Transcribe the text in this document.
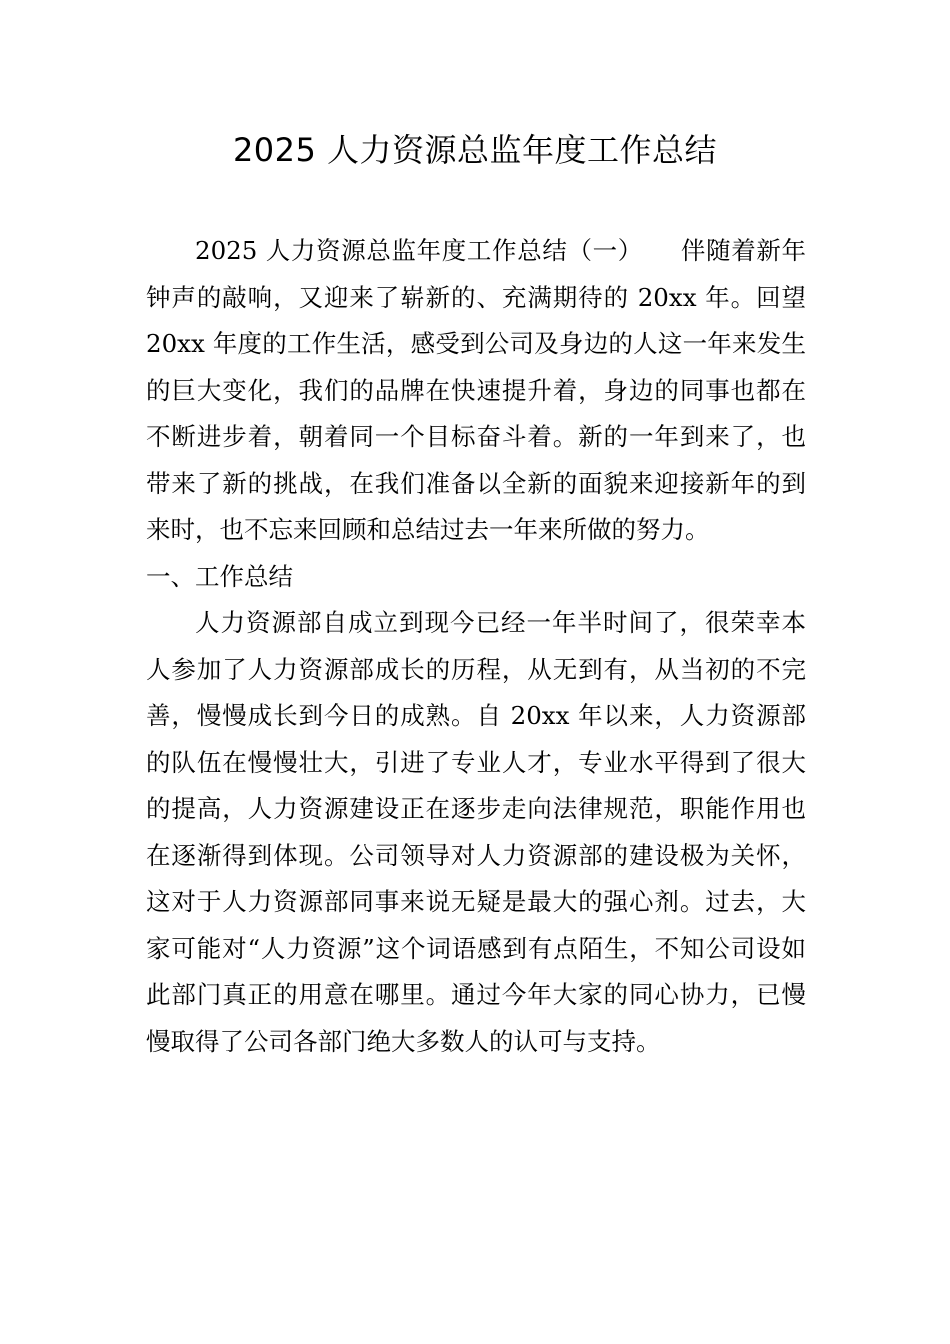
2025 人力资源总监年度工作总结

2025 人力资源总监年度工作总结（一）　　伴随着新年钟声的敲响，又迎来了崭新的、充满期待的 20xx 年。回望 20xx 年度的工作生活，感受到公司及身边的人这一年来发生的巨大变化，我们的品牌在快速提升着，身边的同事也都在不断进步着，朝着同一个目标奋斗着。新的一年到来了，也带来了新的挑战，在我们准备以全新的面貌来迎接新年的到来时，也不忘来回顾和总结过去一年来所做的努力。

一、工作总结

人力资源部自成立到现今已经一年半时间了，很荣幸本人参加了人力资源部成长的历程，从无到有，从当初的不完善，慢慢成长到今日的成熟。自 20xx 年以来，人力资源部的队伍在慢慢壮大，引进了专业人才，专业水平得到了很大的提高，人力资源建设正在逐步走向法律规范，职能作用也在逐渐得到体现。公司领导对人力资源部的建设极为关怀，这对于人力资源部同事来说无疑是最大的强心剂。过去，大家可能对“人力资源”这个词语感到有点陌生，不知公司设如此部门真正的用意在哪里。通过今年大家的同心协力，已慢慢取得了公司各部门绝大多数人的认可与支持。
